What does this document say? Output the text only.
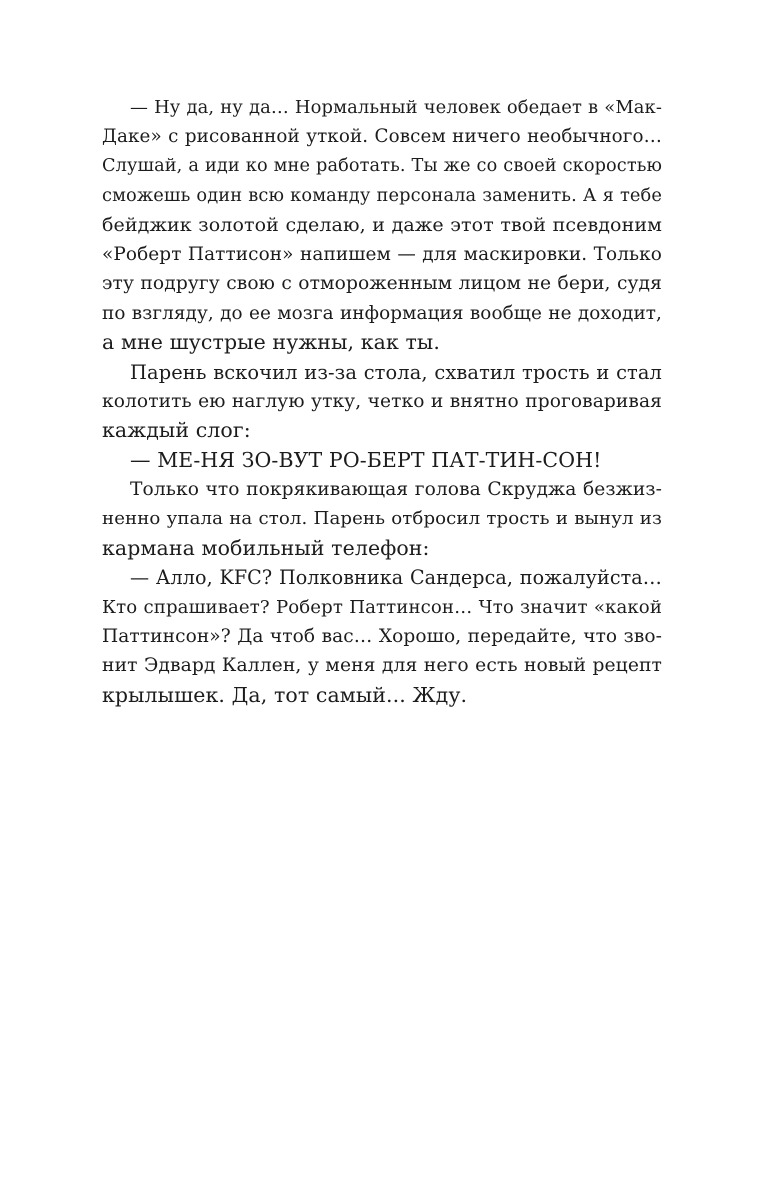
— Ну да, ну да… Нормальный человек обедает в «Мак-
Даке» с рисованной уткой. Совсем ничего необычного…
Слушай, а иди ко мне работать. Ты же со своей скоростью
сможешь один всю команду персонала заменить. А я тебе
бейджик золотой сделаю, и даже этот твой псевдоним
«Роберт Паттисон» напишем — для маскировки. Только
эту подругу свою с отмороженным лицом не бери, судя
по взгляду, до ее мозга информация вообще не доходит,
а мне шустрые нужны, как ты.
Парень вскочил из-за стола, схватил трость и стал
колотить ею наглую утку, четко и внятно проговаривая
каждый слог:
— МЕ-НЯ ЗО-ВУТ РО-БЕРТ ПАТ-ТИН-СОН!
Только что покрякивающая голова Скруджа безжиз-
ненно упала на стол. Парень отбросил трость и вынул из
кармана мобильный телефон:
— Алло, KFC? Полковника Сандерса, пожалуйста…
Кто спрашивает? Роберт Паттинсон… Что значит «какой
Паттинсон»? Да чтоб вас… Хорошо, передайте, что зво-
нит Эдвард Каллен, у меня для него есть новый рецепт
крылышек. Да, тот самый... Жду.
